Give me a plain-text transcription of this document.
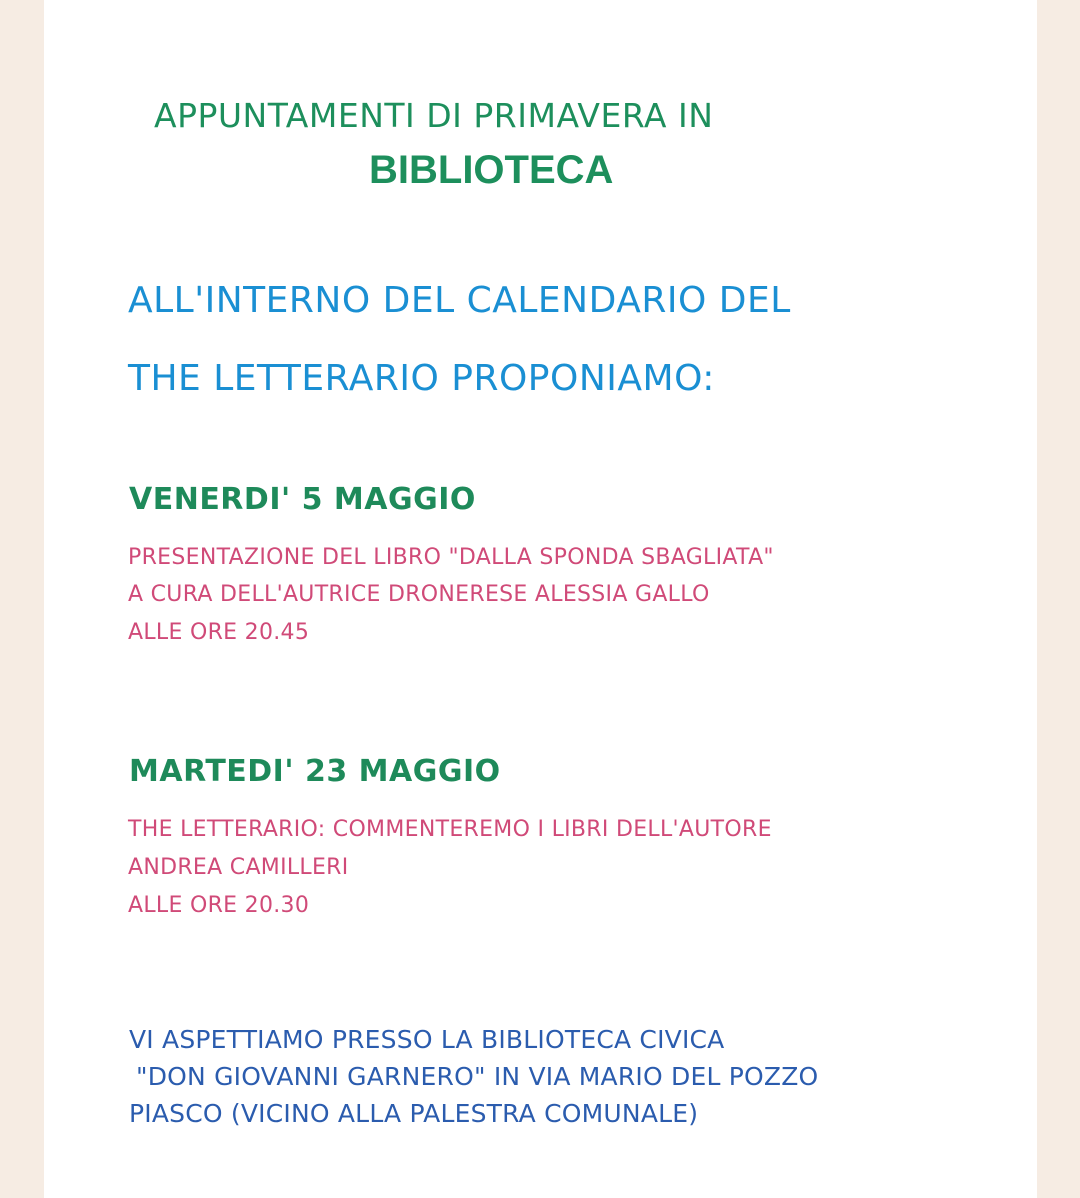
APPUNTAMENTI DI PRIMAVERA IN

BIBLIOTECA

ALL'INTERNO DEL CALENDARIO DEL

THE LETTERARIO PROPONIAMO:

VENERDI' 5 MAGGIO

PRESENTAZIONE DEL LIBRO "DALLA SPONDA SBAGLIATA"

A CURA DELL'AUTRICE DRONERESE ALESSIA GALLO

ALLE ORE 20.45

MARTEDI' 23 MAGGIO

THE LETTERARIO: COMMENTEREMO I LIBRI DELL'AUTORE

ANDREA CAMILLERI

ALLE ORE 20.30

VI ASPETTIAMO PRESSO LA BIBLIOTECA CIVICA

"DON GIOVANNI GARNERO" IN VIA MARIO DEL POZZO

PIASCO (VICINO ALLA PALESTRA COMUNALE)
